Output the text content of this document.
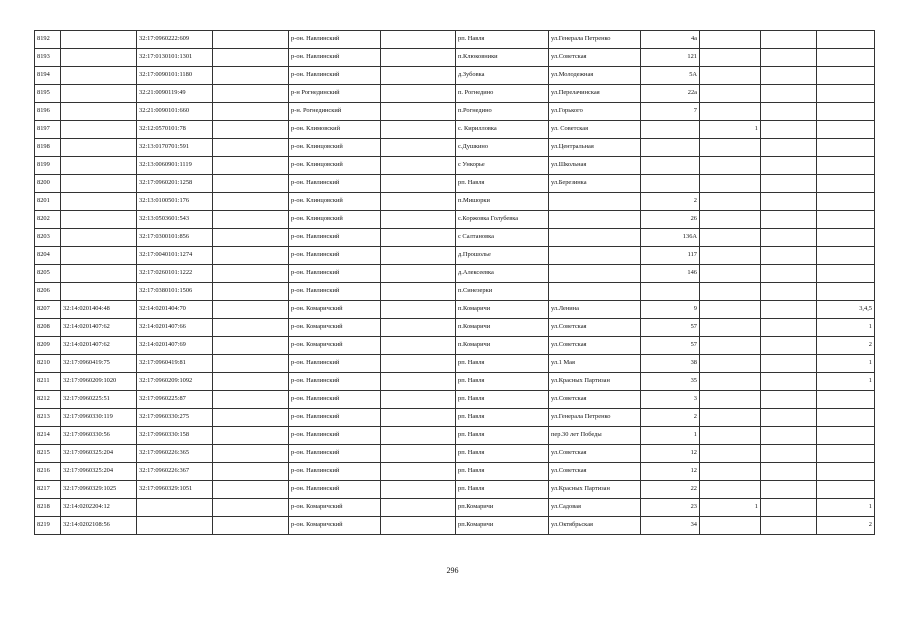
8192		32:17:0960222:609		р-он. Навлинский		рп. Навля	ул.Генерала Петренко	4а			
8193		32:17:0130101:1301		р-он. Навлинский		п.Клюковники	ул.Советская	121			
8194		32:17:0090101:1180		р-он. Навлинский		д.Зубовка	ул.Молодежная	5А			
8195		32:21:0090119:49		р-н Рогнединский		п. Рогнедино	ул.Перелачинская	22а			
8196		32:21:0090101:660		р-н. Рогнединский		п.Рогнедино	ул.Горького	7			
8197		32:12:0570101:78		р-он. Климовский		с. Кирилловка	ул. Советская		1		
8198		32:13:0170701:591		р-он. Клинцовский		с.Душкино	ул.Центральная				
8199		32:13:0060901:1119		р-он. Клинцовский		с Ункорье	ул.Школьная				
8200		32:17:0960201:1258		р-он. Навлинский		рп. Навля	ул.Березинка				
8201		32:13:0100501:176		р-он. Клинцовский		п.Мишорки		2			
8202		32:13:0503601:543		р-он. Клинцовский		с.Коржовка Голубевка		26			
8203		32:17:0300101:856		р-он. Навлинский		с Салтановка		136А			
8204		32:17:0040101:1274		р-он. Навлинский		д.Прошолье		117			
8205		32:17:0260101:1222		р-он. Навлинский		д.Алексеевка		146			
8206		32:17:0380101:1506		р-он. Навлинский		п.Синезерки					
8207	32:14:0201404:48	32:14:0201404:70		р-он. Комаричский		п.Комаричи	ул.Ленина	9			3,4,5
8208	32:14:0201407:62	32:14:0201407:66		р-он. Комаричский		п.Комаричи	ул.Советская	57			1
8209	32:14:0201407:62	32:14:0201407:69		р-он. Комаричский		п.Комаричи	ул.Советская	57			2
8210	32:17:0960419:75	32:17:0960419:81		р-он. Навлинский		рп. Навля	ул.1 Мая	38			1
8211	32:17:0960209:1020	32:17:0960209:1092		р-он. Навлинский		рп. Навля	ул.Красных Партизан	35			1
8212	32:17:0960225:51	32:17:0960225:87		р-он. Навлинский		рп. Навля	ул.Советская	3			
8213	32:17:0960330:119	32:17:0960330:275		р-он. Навлинский		рп. Навля	ул.Генерала Петренко	2			
8214	32:17:0960330:56	32:17:0960330:158		р-он. Навлинский		рп. Навля	пер.30 лет Победы	1			
8215	32:17:0960325:204	32:17:0960226:365		р-он. Навлинский		рп. Навля	ул.Советская	12			
8216	32:17:0960325:204	32:17:0960226:367		р-он. Навлинский		рп. Навля	ул.Советская	12			
8217	32:17:0960329:1025	32:17:0960329:1051		р-он. Навлинский		рп. Навля	ул.Красных Партизан	22			
8218	32:14:0202204:12			р-он. Комаричский		рп.Комаричи	ул.Садовая	23	1		1
8219	32:14:0202108:56			р-он. Комаричский		рп.Комаричи	ул.Октябрьская	34			2
296
